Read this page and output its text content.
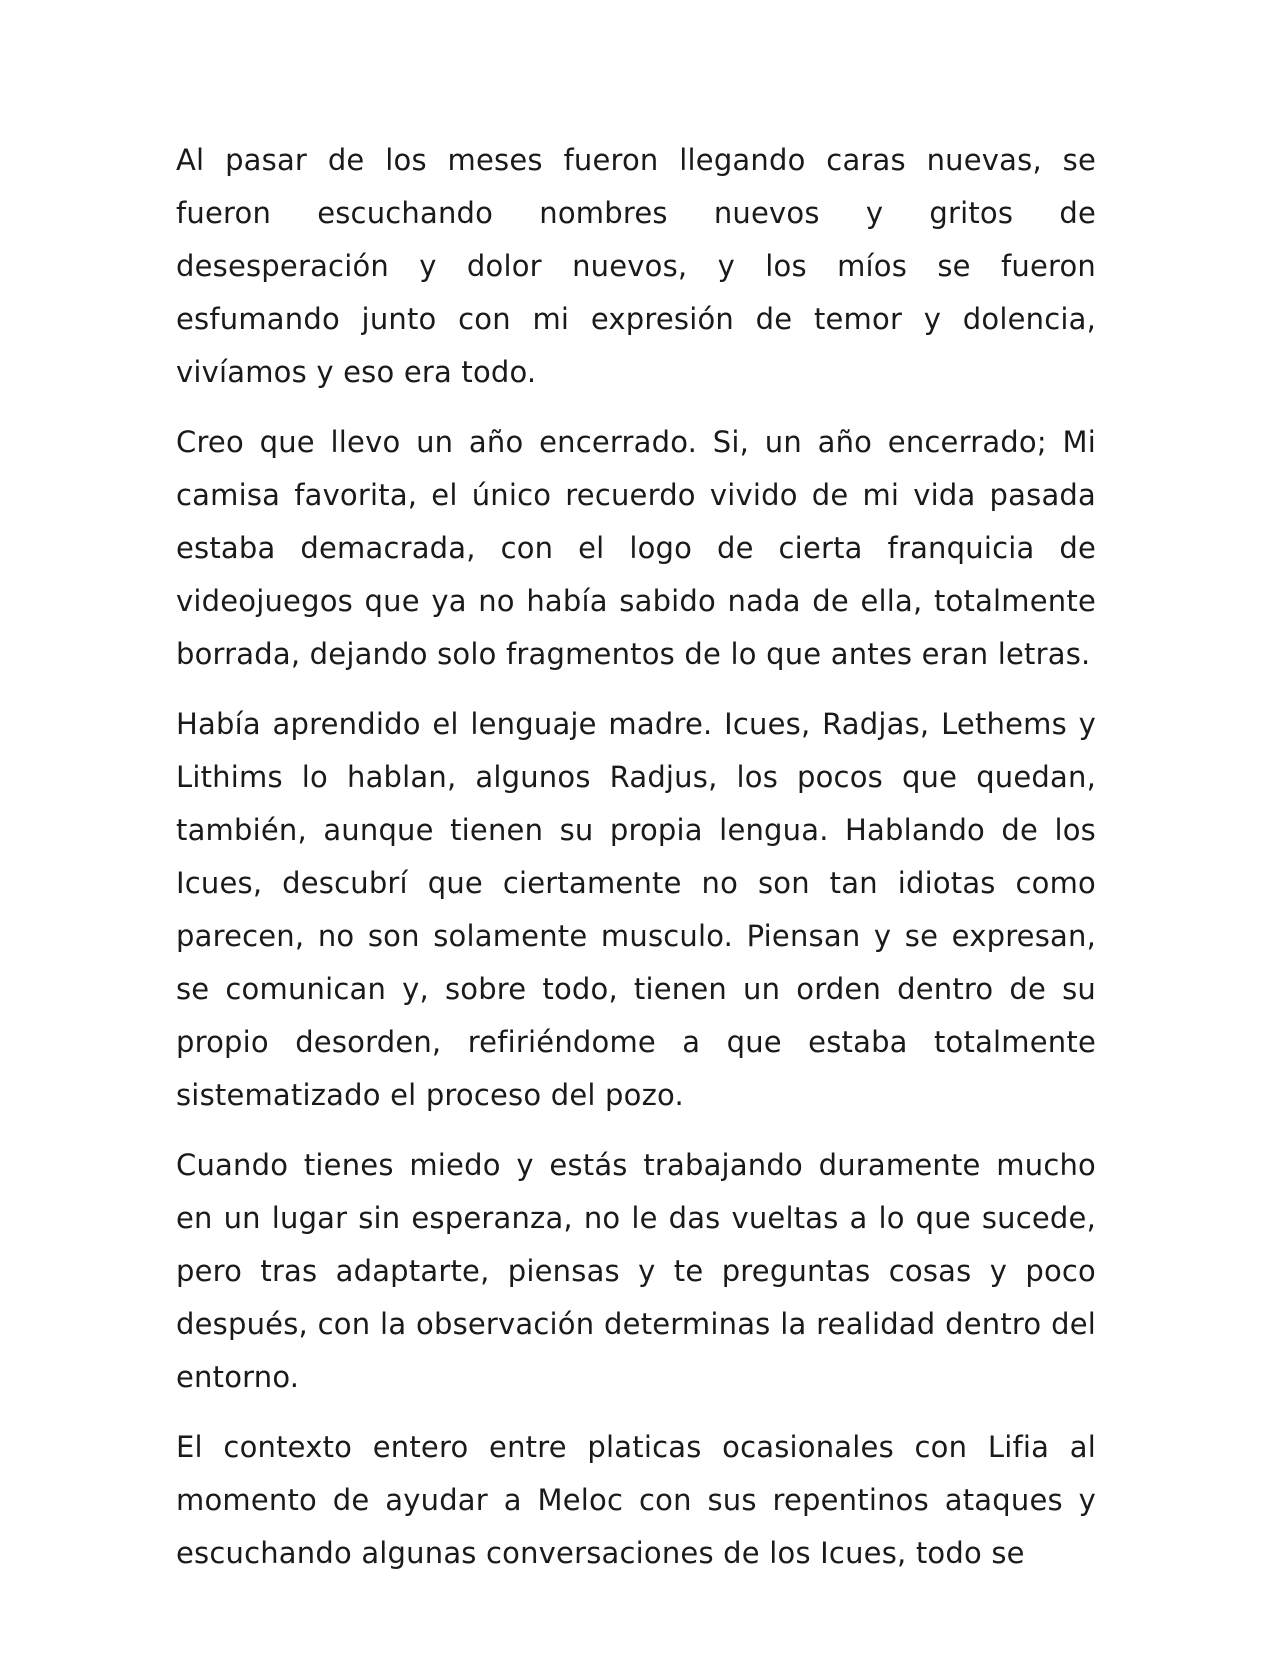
Al pasar de los meses fueron llegando caras nuevas, se fueron escuchando nombres nuevos y gritos de desesperación y dolor nuevos, y los míos se fueron esfumando junto con mi expresión de temor y dolencia, vivíamos y eso era todo.

Creo que llevo un año encerrado. Si, un año encerrado; Mi camisa favorita, el único recuerdo vivido de mi vida pasada estaba demacrada, con el logo de cierta franquicia de videojuegos que ya no había sabido nada de ella, totalmente borrada, dejando solo fragmentos de lo que antes eran letras.

Había aprendido el lenguaje madre. Icues, Radjas, Lethems y Lithims lo hablan, algunos Radjus, los pocos que quedan, también, aunque tienen su propia lengua. Hablando de los Icues, descubrí que ciertamente no son tan idiotas como parecen, no son solamente musculo. Piensan y se expresan, se comunican y, sobre todo, tienen un orden dentro de su propio desorden, refiriéndome a que estaba totalmente sistematizado el proceso del pozo.

Cuando tienes miedo y estás trabajando duramente mucho en un lugar sin esperanza, no le das vueltas a lo que sucede, pero tras adaptarte, piensas y te preguntas cosas y poco después, con la observación determinas la realidad dentro del entorno.

El contexto entero entre platicas ocasionales con Lifia al momento de ayudar a Meloc con sus repentinos ataques y escuchando algunas conversaciones de los Icues, todo se
